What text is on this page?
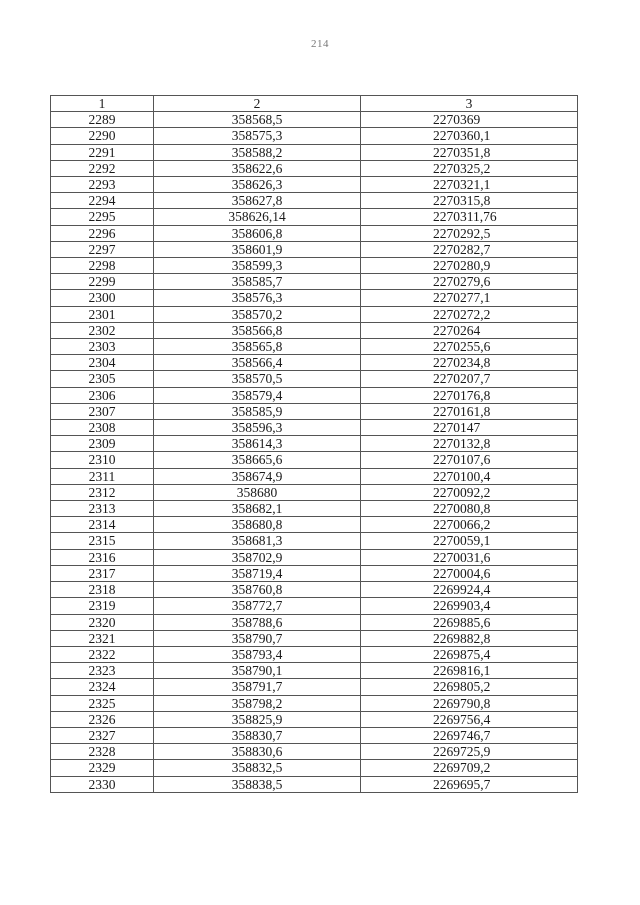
214
1	2	3
2289	358568,5	2270369
2290	358575,3	2270360,1
2291	358588,2	2270351,8
2292	358622,6	2270325,2
2293	358626,3	2270321,1
2294	358627,8	2270315,8
2295	358626,14	2270311,76
2296	358606,8	2270292,5
2297	358601,9	2270282,7
2298	358599,3	2270280,9
2299	358585,7	2270279,6
2300	358576,3	2270277,1
2301	358570,2	2270272,2
2302	358566,8	2270264
2303	358565,8	2270255,6
2304	358566,4	2270234,8
2305	358570,5	2270207,7
2306	358579,4	2270176,8
2307	358585,9	2270161,8
2308	358596,3	2270147
2309	358614,3	2270132,8
2310	358665,6	2270107,6
2311	358674,9	2270100,4
2312	358680	2270092,2
2313	358682,1	2270080,8
2314	358680,8	2270066,2
2315	358681,3	2270059,1
2316	358702,9	2270031,6
2317	358719,4	2270004,6
2318	358760,8	2269924,4
2319	358772,7	2269903,4
2320	358788,6	2269885,6
2321	358790,7	2269882,8
2322	358793,4	2269875,4
2323	358790,1	2269816,1
2324	358791,7	2269805,2
2325	358798,2	2269790,8
2326	358825,9	2269756,4
2327	358830,7	2269746,7
2328	358830,6	2269725,9
2329	358832,5	2269709,2
2330	358838,5	2269695,7
